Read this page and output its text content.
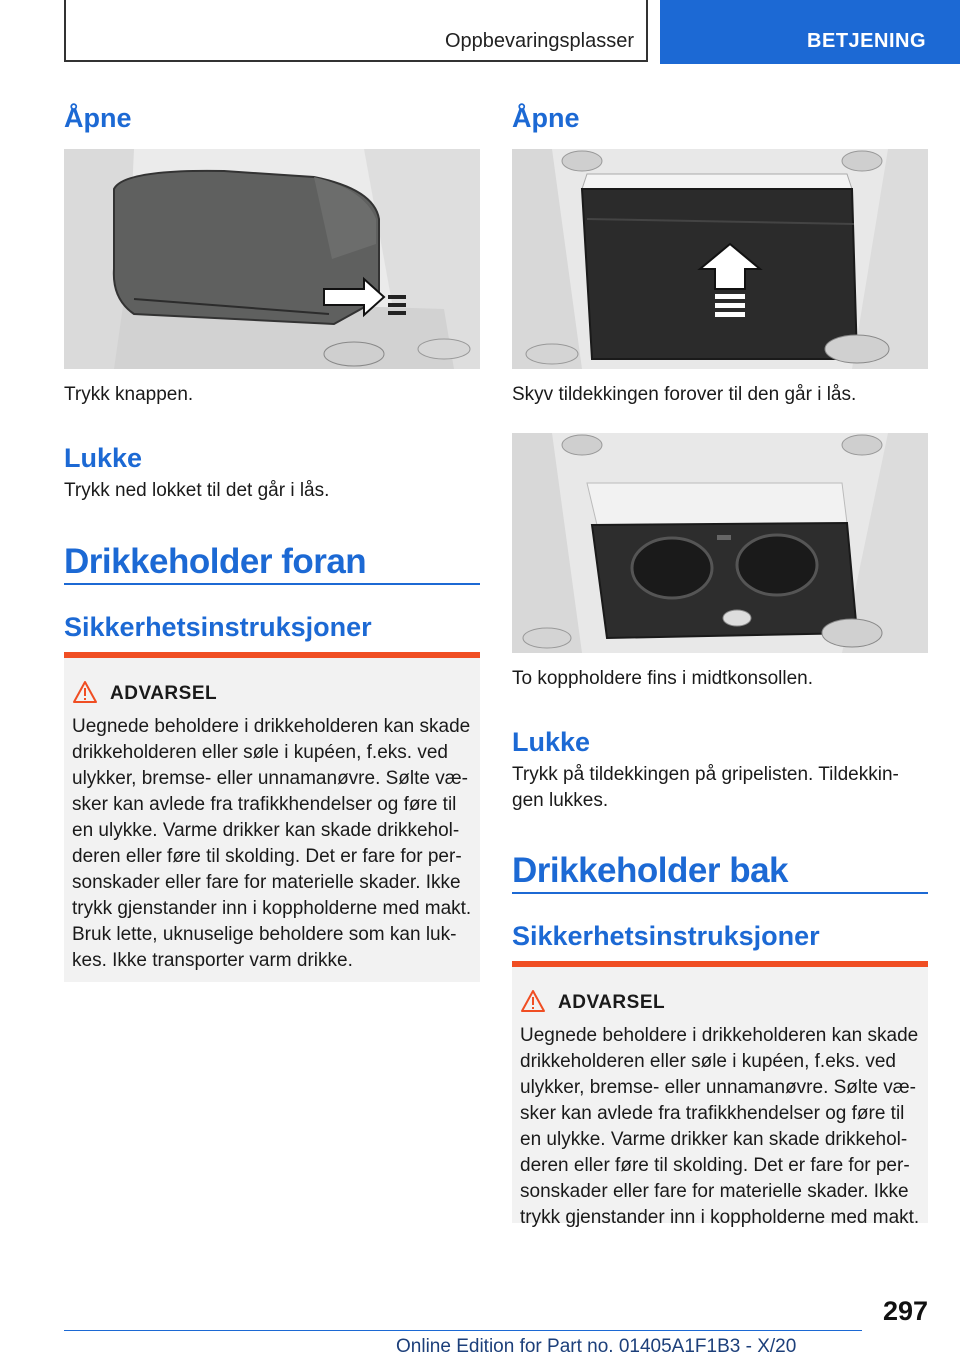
Oppbevaringsplasser	BETJENING
Åpne

Trykk knappen.

Lukke

Trykk ned lokket til det går i lås.

Drikkeholder foran
Sikkerhetsinstruksjoner
ADVARSEL
Uegnede beholdere i drikkeholderen kan skade
drikkeholderen eller søle i kupéen, f.eks. ved
ulykker, bremse- eller unnamanøvre. Sølte væ-
sker kan avlede fra trafikkhendelser og føre til
en ulykke. Varme drikker kan skade drikkehol-
deren eller føre til skolding. Det er fare for per-
sonskader eller fare for materielle skader. Ikke
trykk gjenstander inn i koppholderne med makt.
Bruk lette, uknuselige beholdere som kan luk-
kes. Ikke transporter varm drikke.
Åpne

Skyv tildekkingen forover til den går i lås.

To koppholdere fins i midtkonsollen.

Lukke

Trykk på tildekkingen på gripelisten. Tildekkin-

gen lukkes.

Drikkeholder bak
Sikkerhetsinstruksjoner
ADVARSEL
Uegnede beholdere i drikkeholderen kan skade
drikkeholderen eller søle i kupéen, f.eks. ved
ulykker, bremse- eller unnamanøvre. Sølte væ-
sker kan avlede fra trafikkhendelser og føre til
en ulykke. Varme drikker kan skade drikkehol-
deren eller føre til skolding. Det er fare for per-
sonskader eller fare for materielle skader. Ikke
trykk gjenstander inn i koppholderne med makt.
297
Online Edition for Part no. 01405A1F1B3 - X/20
